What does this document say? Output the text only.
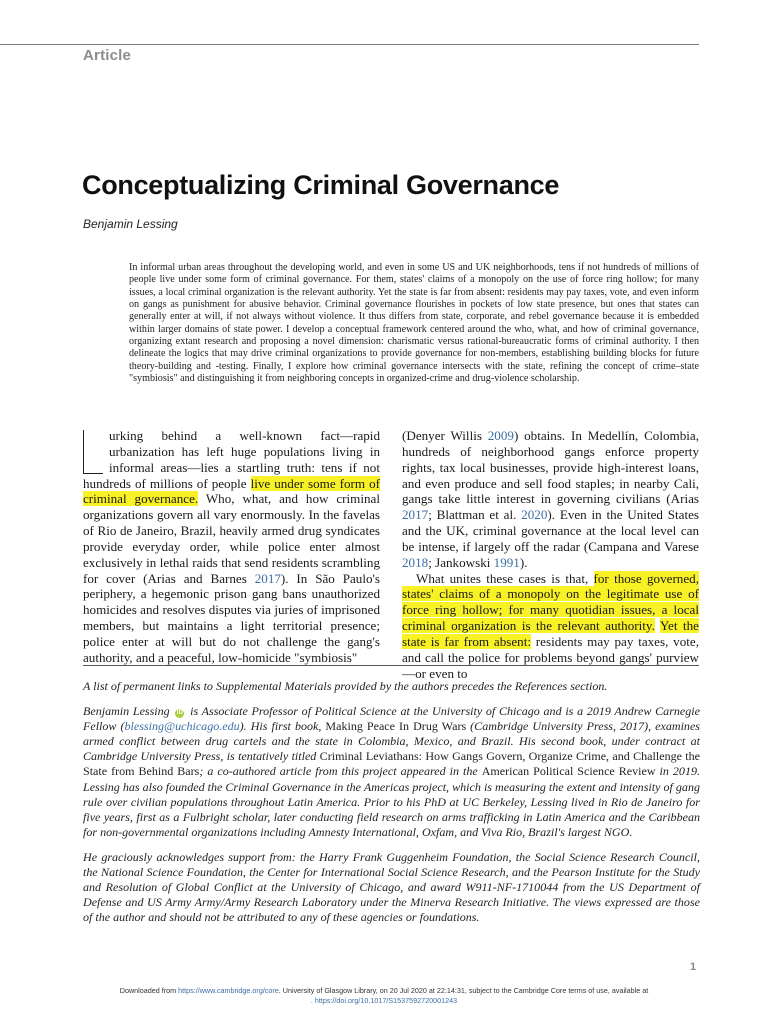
Article
Conceptualizing Criminal Governance
Benjamin Lessing

In informal urban areas throughout the developing world, and even in some US and UK neighborhoods, tens if not hundreds of millions of people live under some form of criminal governance. For them, states' claims of a monopoly on the use of force ring hollow; for many issues, a local criminal organization is the relevant authority. Yet the state is far from absent: residents may pay taxes, vote, and even inform on gangs as punishment for abusive behavior. Criminal governance flourishes in pockets of low state presence, but ones that states can generally enter at will, if not always without violence. It thus differs from state, corporate, and rebel governance because it is embedded within larger domains of state power. I develop a conceptual framework centered around the who, what, and how of criminal governance, organizing extant research and proposing a novel dimension: charismatic versus rational-bureaucratic forms of criminal authority. I then delineate the logics that may drive criminal organizations to provide governance for non-members, establishing building blocks for future theory-building and -testing. Finally, I explore how criminal governance intersects with the state, refining the concept of crime–state "symbiosis" and distinguishing it from neighboring concepts in organized-crime and drug-violence scholarship.

urking behind a well-known fact—rapid urbanization has left huge populations living in informal areas—lies a startling truth: tens if not hundreds of millions of people live under some form of criminal governance. Who, what, and how criminal organizations govern all vary enormously. In the favelas of Rio de Janeiro, Brazil, heavily armed drug syndicates provide everyday order, while police enter almost exclusively in lethal raids that send residents scrambling for cover (Arias and Barnes 2017). In São Paulo's periphery, a hegemonic prison gang bans unauthorized homicides and resolves disputes via juries of imprisoned members, but maintains a light territorial presence; police enter at will but do not challenge the gang's authority, and a peaceful, low-homicide "symbiosis"

(Denyer Willis 2009) obtains. In Medellín, Colombia, hundreds of neighborhood gangs enforce property rights, tax local businesses, provide high-interest loans, and even produce and sell food staples; in nearby Cali, gangs take little interest in governing civilians (Arias 2017; Blattman et al. 2020). Even in the United States and the UK, criminal governance at the local level can be intense, if largely off the radar (Campana and Varese 2018; Jankowski 1991).

What unites these cases is that, for those governed, states' claims of a monopoly on the legitimate use of force ring hollow; for many quotidian issues, a local criminal organization is the relevant authority. Yet the state is far from absent: residents may pay taxes, vote, and call the police for problems beyond gangs' purview—or even to

A list of permanent links to Supplemental Materials provided by the authors precedes the References section.

Benjamin Lessing iD is Associate Professor of Political Science at the University of Chicago and is a 2019 Andrew Carnegie Fellow (blessing@uchicago.edu). His first book, Making Peace In Drug Wars (Cambridge University Press, 2017), examines armed conflict between drug cartels and the state in Colombia, Mexico, and Brazil. His second book, under contract at Cambridge University Press, is tentatively titled Criminal Leviathans: How Gangs Govern, Organize Crime, and Challenge the State from Behind Bars; a co-authored article from this project appeared in the American Political Science Review in 2019. Lessing has also founded the Criminal Governance in the Americas project, which is measuring the extent and intensity of gang rule over civilian populations throughout Latin America. Prior to his PhD at UC Berkeley, Lessing lived in Rio de Janeiro for five years, first as a Fulbright scholar, later conducting field research on arms trafficking in Latin America and the Caribbean for non-governmental organizations including Amnesty International, Oxfam, and Viva Rio, Brazil's largest NGO.

He graciously acknowledges support from: the Harry Frank Guggenheim Foundation, the Social Science Research Council, the National Science Foundation, the Center for International Social Science Research, and the Pearson Institute for the Study and Resolution of Global Conflict at the University of Chicago, and award W911-NF-1710044 from the US Department of Defense and US Army Army/Army Research Laboratory under the Minerva Research Initiative. The views expressed are those of the author and should not be attributed to any of these agencies or foundations.

1
Downloaded from https://www.cambridge.org/core. University of Glasgow Library, on 20 Jul 2020 at 22:14:31, subject to the Cambridge Core terms of use, available at
. https://doi.org/10.1017/S1537592720001243
